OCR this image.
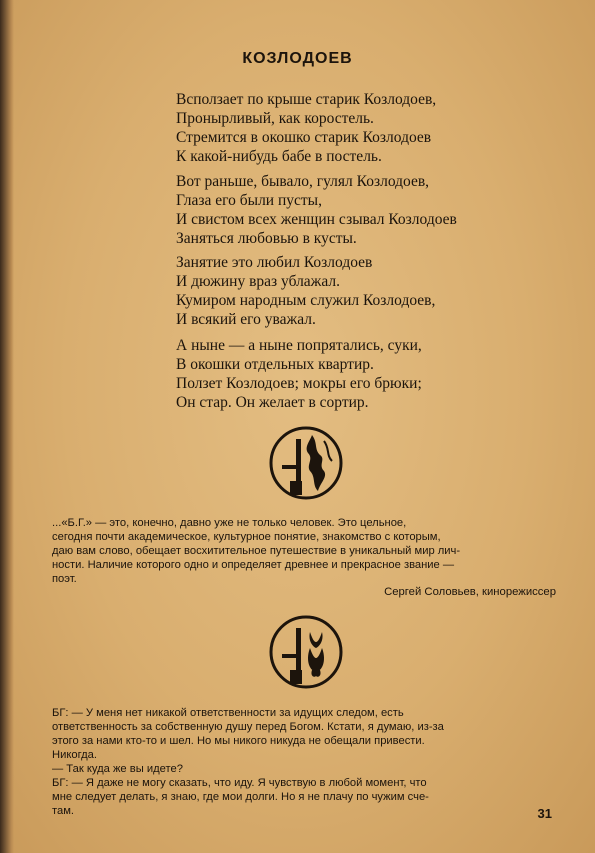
КОЗЛОДОЕВ
Всползает по крыше старик Козлодоев,
Пронырливый, как коростель.
Стремится в окошко старик Козлодоев
К какой-нибудь бабе в постель.
Вот раньше, бывало, гулял Козлодоев,
Глаза его были пусты,
И свистом всех женщин сзывал Козлодоев
Заняться любовью в кусты.
Занятие это любил Козлодоев
И дюжину враз ублажал.
Кумиром народным служил Козлодоев,
И всякий его уважал.
А ныне — а ныне попрятались, суки,
В окошки отдельных квартир.
Ползет Козлодоев; мокры его брюки;
Он стар. Он желает в сортир.
...«Б.Г.» — это, конечно, давно уже не только человек. Это цельное,
сегодня почти академическое, культурное понятие, знакомство с которым,
даю вам слово, обещает восхитительное путешествие в уникальный мир лич-
ности. Наличие которого одно и определяет древнее и прекрасное звание —
поэт.
Сергей Соловьев, кинорежиссер
БГ: — У меня нет никакой ответственности за идущих следом, есть
ответственность за собственную душу перед Богом. Кстати, я думаю, из-за
этого за нами кто-то и шел. Но мы никого никуда не обещали привести.
Никогда.
— Так куда же вы идете?
БГ: — Я даже не могу сказать, что иду. Я чувствую в любой момент, что
мне следует делать, я знаю, где мои долги. Но я не плачу по чужим сче-
там.	31
